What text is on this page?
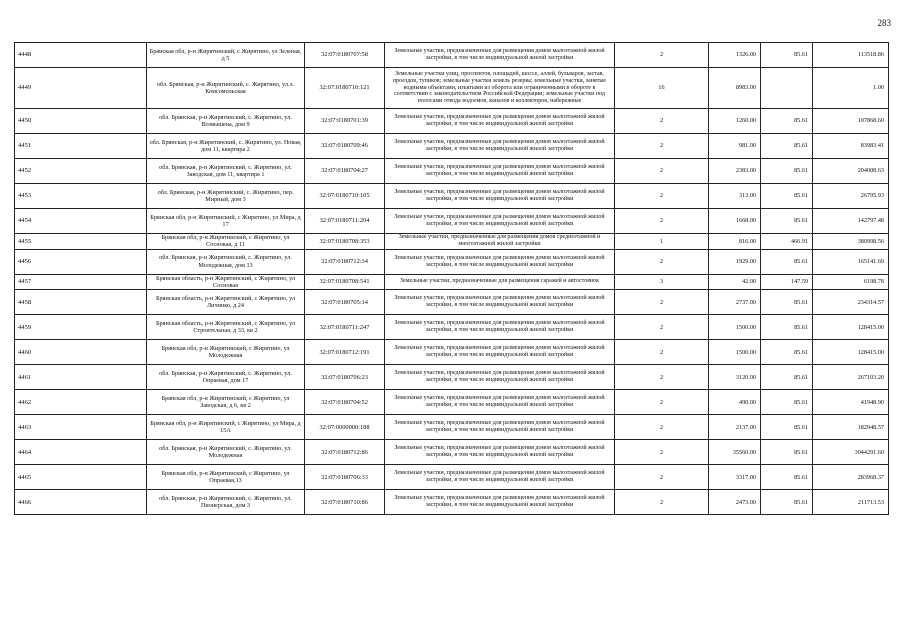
283
4448	Брянская обл, р-н Жирятинский, с Жирятино, ул Зеленая, д 5	32:07:0180707:58	Земельные участки, предназначенные для размещения домов малоэтажной жилой застройки, в том числе индивидуальной жилой застройки	2	1326.00	85.61	113518.86
4449	обл. Брянская, р-н Жирятинский, с. Жирятино, ул.л. Комсомольская	32:07:0180710:121	Земельные участки улиц, проспектов, площадей, шоссе, аллей, бульваров, застав, проездов, тупиков; земельные участки земель резерва; земельные участки, занятые водными объектами, изъятыми из оборота или ограниченными в обороте в соответствии с законодательством Российской Федерации; земельные участки под полосами отвода водоемов, каналов и коллекторов, набережные	16	8983.00		1.00
4450	обл. Брянская, р-н Жирятинский, с. Жирятино, ул. Возвышена, дом 9	32:07:0180701:39	Земельные участки, предназначенные для размещения домов малоэтажной жилой застройки, в том числе индивидуальной жилой застройки	2	1260.00	85.61	107868.60
4451	обл. Брянская, р-н Жирятинский, с. Жирятино, ул. Новая, дом 11, квартира 2	32:07:0180709:46	Земельные участки, предназначенные для размещения домов малоэтажной жилой застройки, в том числе индивидуальной жилой застройки	2	981.00	85.61	83983.41
4452	обл. Брянская, р-н Жирятинский, с. Жирятино, ул. Заводская, дом 11, квартира 1	32:07:0180704:27	Земельные участки, предназначенные для размещения домов малоэтажной жилой застройки, в том числе индивидуальной жилой застройки	2	2383.00	85.61	204008.63
4453	обл. Брянская, р-н Жирятинский, с. Жирятино, пер. Мирный, дом 3	32:07:0180710:105	Земельные участки, предназначенные для размещения домов малоэтажной жилой застройки, в том числе индивидуальной жилой застройки	2	313.00	85.61	26795.93
4454	Брянская обл, р-н Жирятинский, с Жирятино, ул Мира, д 17	32:07:0180711:204	Земельные участки, предназначенные для размещения домов малоэтажной жилой застройки, в том числе индивидуальной жилой застройки	2	1668.00	85.61	142797.48
4455	Брянская обл, р-н Жирятинский, с Жирятино, ул Сосновая, д 11	32:07:0180708:353	Земельные участки, предназначенные для размещения домов среднеэтажной и многоэтажной жилой застройки	1	816.00	466.91	380998.56
4456	обл. Брянская, р-н Жирятинский, с. Жирятино, ул. Молодежная, дом 13	32:07:0180712:34	Земельные участки, предназначенные для размещения домов малоэтажной жилой застройки, в том числе индивидуальной жилой застройки	2	1929.00	85.61	165141.69
4457	Брянская область, р-н Жирятинский, с Жирятино, ул Сосновая	32:07:0180708:541	Земельные участки, предназначенные для размещения гаражей и автостоянок	3	42.00	147.59	6198.78
4458	Брянская область, р-н Жирятинский, с Жирятино, ул Личинко, д 24	32:07:0180705:14	Земельные участки, предназначенные для размещения домов малоэтажной жилой застройки, в том числе индивидуальной жилой застройки	2	2737.00	85.61	234314.57
4459	Брянская область, р-н Жирятинский, с Жирятино, ул Строительная, д 33, кв 2	32:07:0180711:247	Земельные участки, предназначенные для размещения домов малоэтажной жилой застройки, в том числе индивидуальной жилой застройки	2	1500.00	85.61	128415.00
4460	Брянская обл, р-н Жирятинский, с Жирятино, ул Молодежная	32:07:0180712:191	Земельные участки, предназначенные для размещения домов малоэтажной жилой застройки, в том числе индивидуальной жилой застройки	2	1500.00	85.61	128415.00
4461	обл. Брянская, р-н Жирятинский, с. Жирятино, ул. Опраевая, дом 17	32:07:0180706:23	Земельные участки, предназначенные для размещения домов малоэтажной жилой застройки, в том числе индивидуальной жилой застройки	2	3120.00	85.61	267103.20
4462	Брянская обл, р-н Жирятинский, с Жирятино, ул Заводская, д 6, кв 2	32:07:0180704:52	Земельные участки, предназначенные для размещения домов малоэтажной жилой застройки, в том числе индивидуальной жилой застройки	2	490.00	85.61	41948.90
4463	Брянская обл, р-н Жирятинский, с Жирятино, ул Мира, д 15А	32:07:0000000:188	Земельные участки, предназначенные для размещения домов малоэтажной жилой застройки, в том числе индивидуальной жилой застройки	2	2137.00	85.61	182948.57
4464	обл. Брянская, р-н Жирятинский, с. Жирятино, ул. Молодежная	32:07:0180712:86	Земельные участки, предназначенные для размещения домов малоэтажной жилой застройки, в том числе индивидуальной жилой застройки	2	35560.00	85.61	3044291.60
4465	Брянская обл, р-н Жирятинский, с Жирятино, ул Опраевая,13	32:07:0180706:33	Земельные участки, предназначенные для размещения домов малоэтажной жилой застройки, в том числе индивидуальной жилой застройки	2	3317.00	85.61	283968.37
4466	обл. Брянская, р-н Жирятинский, с. Жирятино, ул. Пионерская, дом 3	32:07:0180710:86	Земельные участки, предназначенные для размещения домов малоэтажной жилой застройки, в том числе индивидуальной жилой застройки	2	2473.00	85.61	211713.53
